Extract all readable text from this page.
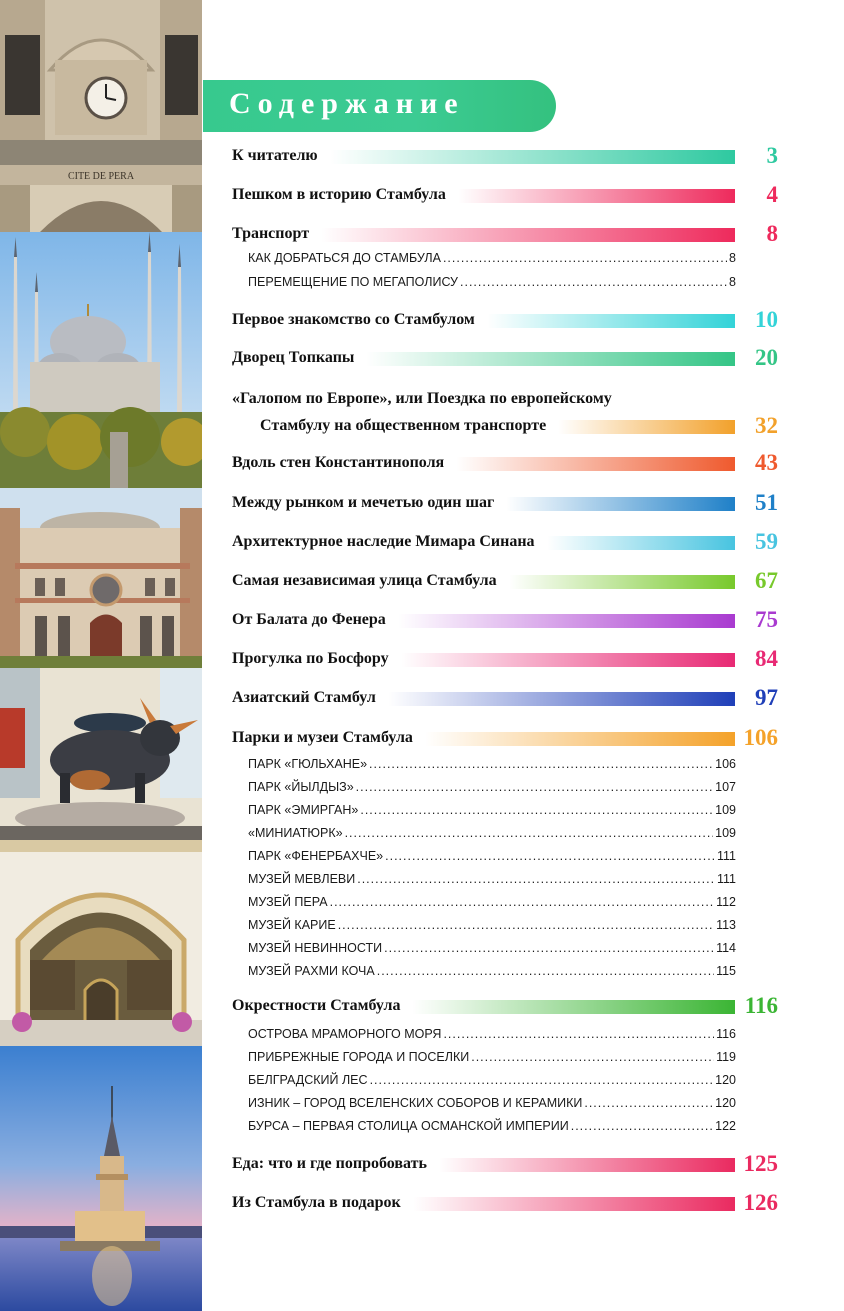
CITE DE PERA
Содержание
К читателю	3
Пешком в историю Стамбула	4
Транспорт	8
КАК ДОБРАТЬСЯ ДО СТАМБУЛА .....	8
ПЕРЕМЕЩЕНИЕ ПО МЕГАПОЛИСУ .....	8
Первое знакомство со Стамбулом	10
Дворец Топкапы	20
«Галопом по Европе», или Поездка по европейскому
Стамбулу на общественном транспорте	32
Вдоль стен Константинополя	43
Между рынком и мечетью один шаг	51
Архитектурное наследие Мимара Синана	59
Самая независимая улица Стамбула	67
От Балата до Фенера	75
Прогулка по Босфору	84
Азиатский Стамбул	97
Парки и музеи Стамбула	106
ПАРК «ГЮЛЬХАНЕ» .....	106
ПАРК «ЙЫЛДЫЗ» .....	107
ПАРК «ЭМИРГАН» .....	109
«МИНИАТЮРК» .....	109
ПАРК «ФЕНЕРБАХЧЕ» .....	111
МУЗЕЙ МЕВЛЕВИ .....	111
МУЗЕЙ ПЕРА .....	112
МУЗЕЙ КАРИЕ .....	113
МУЗЕЙ НЕВИННОСТИ .....	114
МУЗЕЙ РАХМИ КОЧА .....	115
Окрестности Стамбула	116
ОСТРОВА МРАМОРНОГО МОРЯ .....	116
ПРИБРЕЖНЫЕ ГОРОДА И ПОСЕЛКИ .....	119
БЕЛГРАДСКИЙ ЛЕС .....	120
ИЗНИК – ГОРОД ВСЕЛЕНСКИХ СОБОРОВ И КЕРАМИКИ .....	120
БУРСА – ПЕРВАЯ СТОЛИЦА ОСМАНСКОЙ ИМПЕРИИ .....	122
Еда: что и где попробовать	125
Из Стамбула в подарок	126
